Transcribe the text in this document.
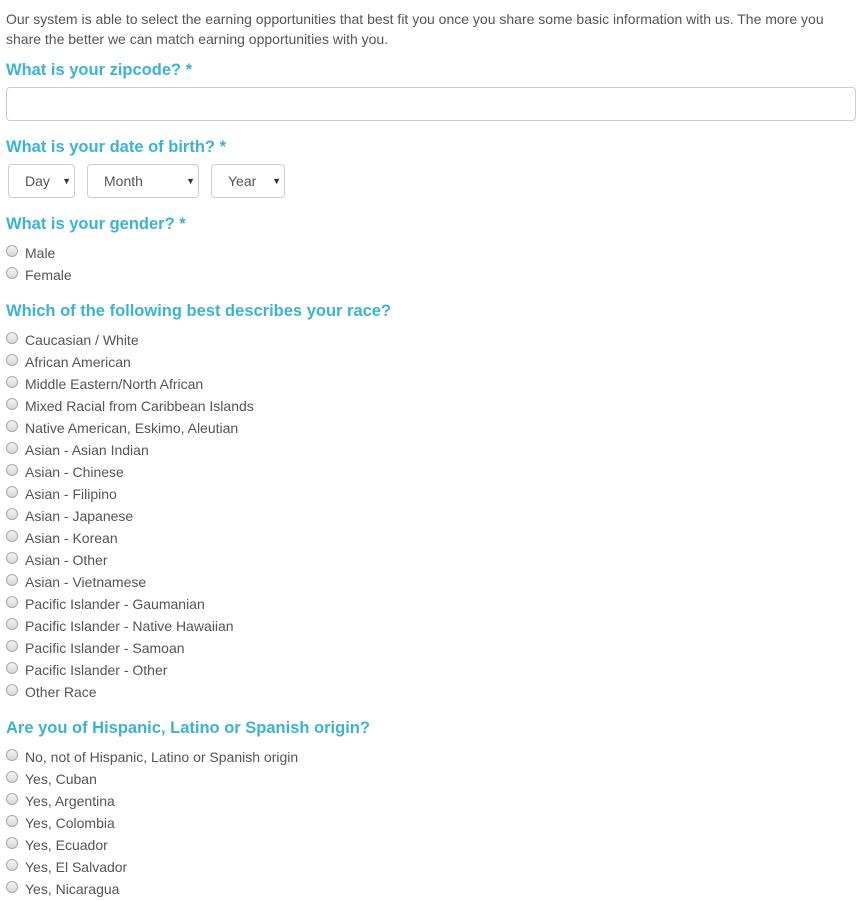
Our system is able to select the earning opportunities that best fit you once you share some basic information with us. The more you share the better we can match earning opportunities with you.

What is your zipcode? *
What is your date of birth? *
Day ▼	Month	▼	Year ▼
What is your gender? *
Male
Female
Which of the following best describes your race?
Caucasian / White
African American
Middle Eastern/North African
Mixed Racial from Caribbean Islands
Native American, Eskimo, Aleutian
Asian - Asian Indian
Asian - Chinese
Asian - Filipino
Asian - Japanese
Asian - Korean
Asian - Other
Asian - Vietnamese
Pacific Islander - Gaumanian
Pacific Islander - Native Hawaiian
Pacific Islander - Samoan
Pacific Islander - Other
Other Race
Are you of Hispanic, Latino or Spanish origin?
No, not of Hispanic, Latino or Spanish origin
Yes, Cuban
Yes, Argentina
Yes, Colombia
Yes, Ecuador
Yes, El Salvador
Yes, Nicaragua
